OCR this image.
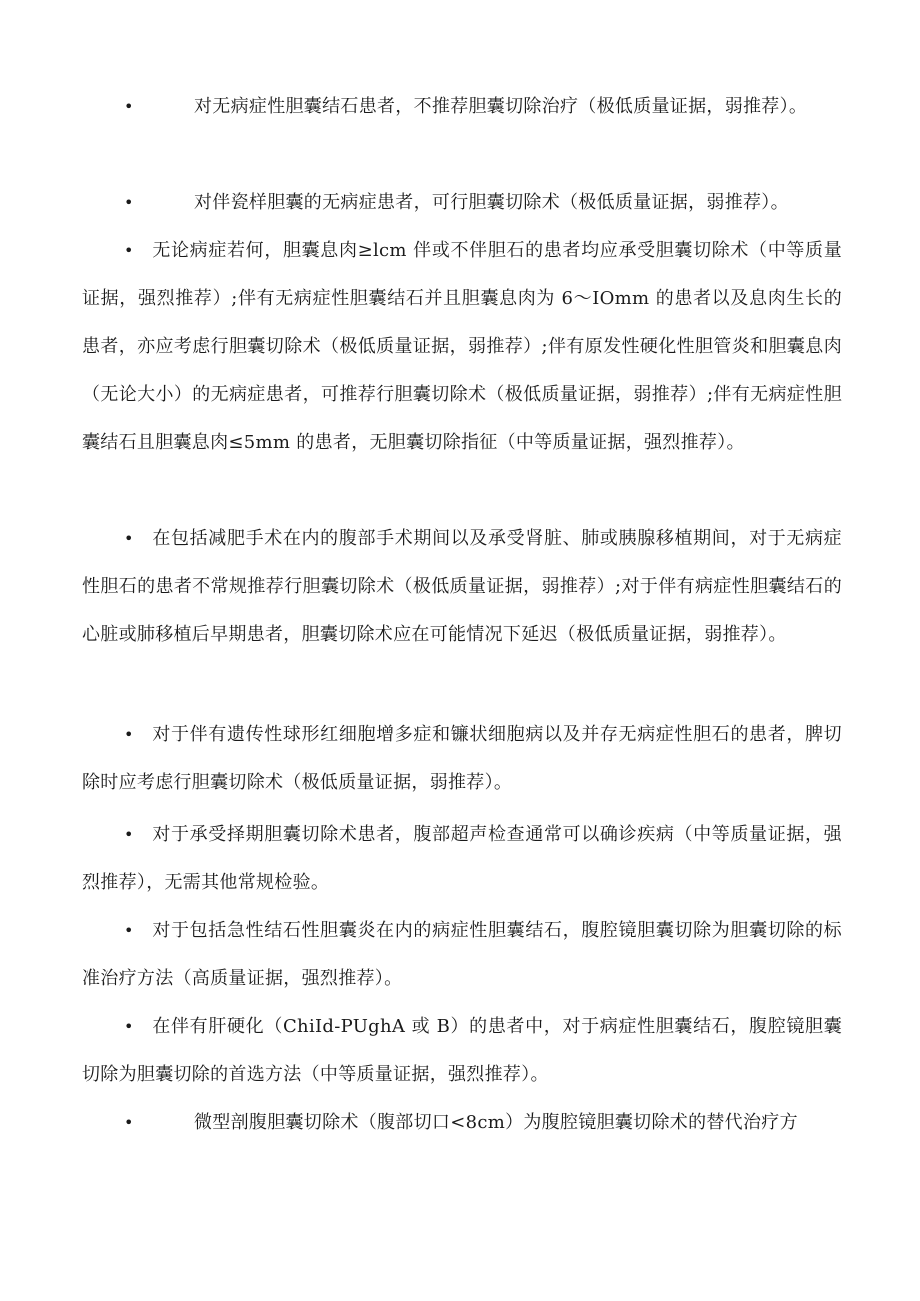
•	对无病症性胆囊结石患者，不推荐胆囊切除治疗（极低质量证据，弱推荐）。

•	对伴瓷样胆囊的无病症患者，可行胆囊切除术（极低质量证据，弱推荐）。

• 无论病症若何，胆囊息肉≥lcm 伴或不伴胆石的患者均应承受胆囊切除术（中等质量证据，强烈推荐）;伴有无病症性胆囊结石并且胆囊息肉为 6～IOmm 的患者以及息肉生长的患者，亦应考虑行胆囊切除术（极低质量证据，弱推荐）;伴有原发性硬化性胆管炎和胆囊息肉（无论大小）的无病症患者，可推荐行胆囊切除术（极低质量证据，弱推荐）;伴有无病症性胆囊结石且胆囊息肉≤5mm 的患者，无胆囊切除指征（中等质量证据，强烈推荐）。

• 在包括减肥手术在内的腹部手术期间以及承受肾脏、肺或胰腺移植期间，对于无病症性胆石的患者不常规推荐行胆囊切除术（极低质量证据，弱推荐）;对于伴有病症性胆囊结石的心脏或肺移植后早期患者，胆囊切除术应在可能情况下延迟（极低质量证据，弱推荐）。

• 对于伴有遗传性球形红细胞增多症和镰状细胞病以及并存无病症性胆石的患者，脾切除时应考虑行胆囊切除术（极低质量证据，弱推荐）。

• 对于承受择期胆囊切除术患者，腹部超声检查通常可以确诊疾病（中等质量证据，强烈推荐），无需其他常规检验。

• 对于包括急性结石性胆囊炎在内的病症性胆囊结石，腹腔镜胆囊切除为胆囊切除的标准治疗方法（高质量证据，强烈推荐）。

• 在伴有肝硬化（ChiId-PUghA 或 B）的患者中，对于病症性胆囊结石，腹腔镜胆囊切除为胆囊切除的首选方法（中等质量证据，强烈推荐）。

•	微型剖腹胆囊切除术（腹部切口<8cm）为腹腔镜胆囊切除术的替代治疗方
